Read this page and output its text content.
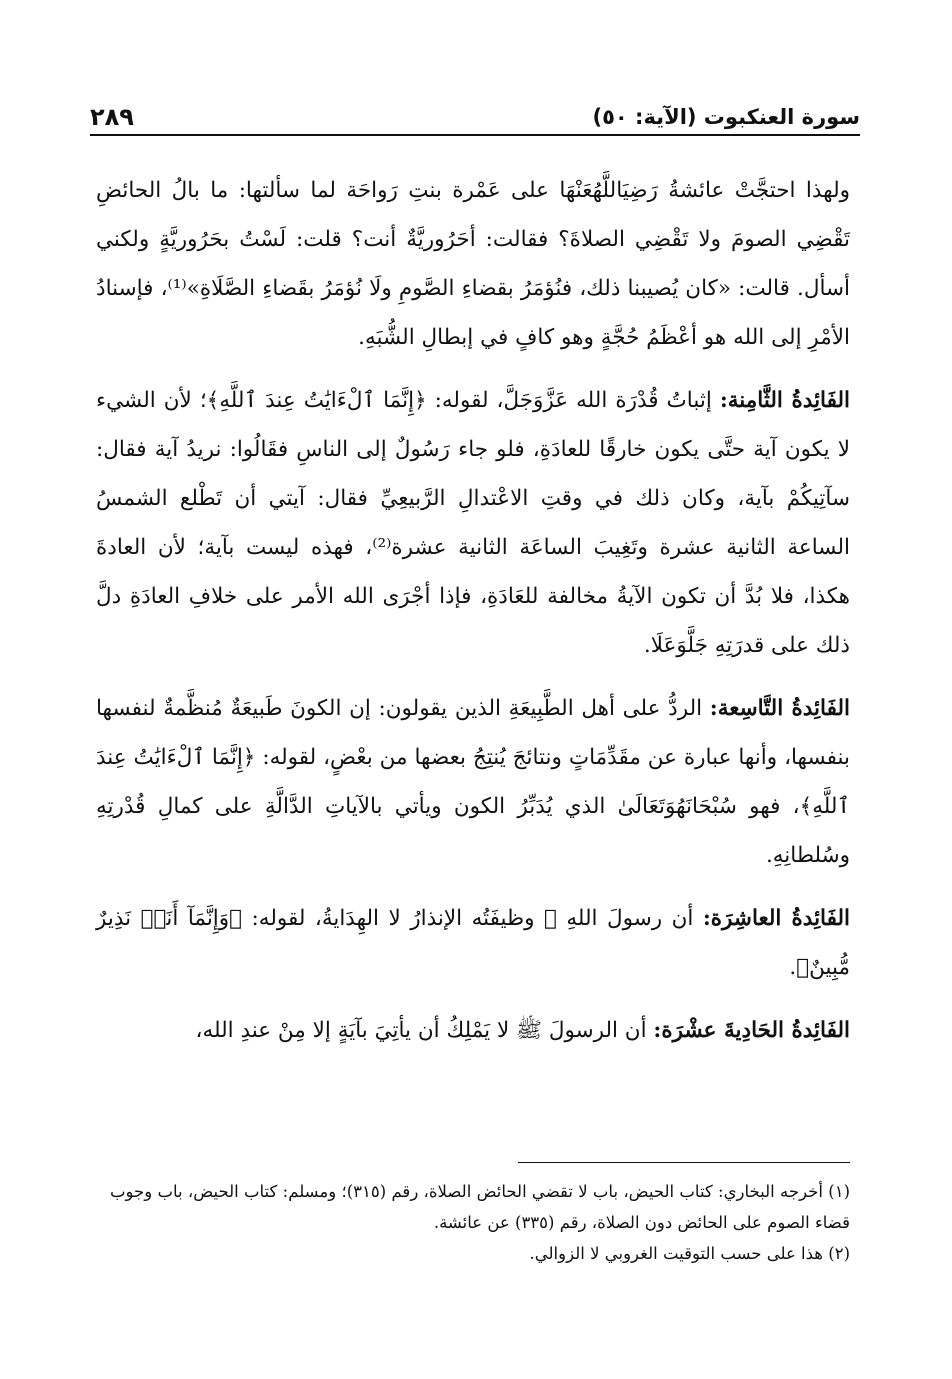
سورة العنكبوت (الآية: ٥٠)
٢٨٩

ولهذا احتجَّتْ عائشةُ رَضِيَاللَّهُعَنْهَا على عَمْرة بنتِ رَواحَة لما سألتها: ما بالُ الحائضِ تَقْضِي الصومَ ولا تَقْضِي الصلاةَ؟ فقالت: أحَرُوريَّةٌ أنت؟ قلت: لَسْتُ بحَرُوريَّةٍ ولكني أسأل. قالت: «كان يُصيبنا ذلك، فنُؤمَرُ بقضاءِ الصَّومِ ولَا نُؤمَرُ بقَضاءِ الصَّلَاةِ»⁽¹⁾، فإسنادُ الأمْرِ إلى الله هو أعْظَمُ حُجَّةٍ وهو كافٍ في إبطالِ الشُّبَهِ.

الفَائِدةُ الثَّامِنة: إثباتُ قُدْرَة الله عَزَّوَجَلَّ، لقوله: ﴿إِنَّمَا ٱلْءَايَٰتُ عِندَ ٱللَّهِ﴾؛ لأن الشيء لا يكون آية حتَّى يكون خارقًا للعادَةِ، فلو جاء رَسُولٌ إلى الناسِ فقَالُوا: نريدُ آية فقال: سآتِيكُمْ بآية، وكان ذلك في وقتِ الاعْتدالِ الرَّبيعِيِّ فقال: آيتي أن تَطْلع الشمسُ الساعة الثانية عشرة وتَغِيبَ الساعَة الثانية عشرة⁽²⁾، فهذه ليست بآية؛ لأن العادةَ هكذا، فلا بُدَّ أن تكون الآيةُ مخالفة للعَادَةِ، فإذا أجْرَى الله الأمر على خلافِ العادَةِ دلَّ ذلك على قدرَتِهِ جَلَّوَعَلَا.

الفَائِدةُ التَّاسِعة: الردُّ على أهل الطَّبِيعَةِ الذين يقولون: إن الكونَ طَبيعَةٌ مُنظَّمةٌ لنفسها بنفسها، وأنها عبارة عن مقَدِّمَاتٍ ونتائجَ يُنتِجُ بعضها من بعْضٍ، لقوله: ﴿إِنَّمَا ٱلْءَايَٰتُ عِندَ ٱللَّهِ﴾، فهو سُبْحَانَهُوَتَعَالَىٰ الذي يُدَبِّرُ الكون ويأتي بالآياتِ الدَّالَّةِ على كمالِ قُدْرتِهِ وسُلطانِهِ.

الفَائِدةُ العاشِرَة: أن رسولَ اللهِ ﷺ وظيفَتُه الإنذارُ لا الهِدَايةُ، لقوله: ﴿وَإِنَّمَآ أَنَا۠ نَذِيرٌ مُّبِينٌ﴾.

الفَائِدةُ الحَادِيةَ عشْرَة: أن الرسولَ ﷺ لا يَمْلِكُ أن يأتِيَ بآيَةٍ إلا مِنْ عندِ الله،

(١) أخرجه البخاري: كتاب الحيض، باب لا تقضي الحائض الصلاة، رقم (٣١٥)؛ ومسلم: كتاب الحيض، باب وجوب قضاء الصوم على الحائض دون الصلاة، رقم (٣٣٥) عن عائشة.

(٢) هذا على حسب التوقيت الغروبي لا الزوالي.
